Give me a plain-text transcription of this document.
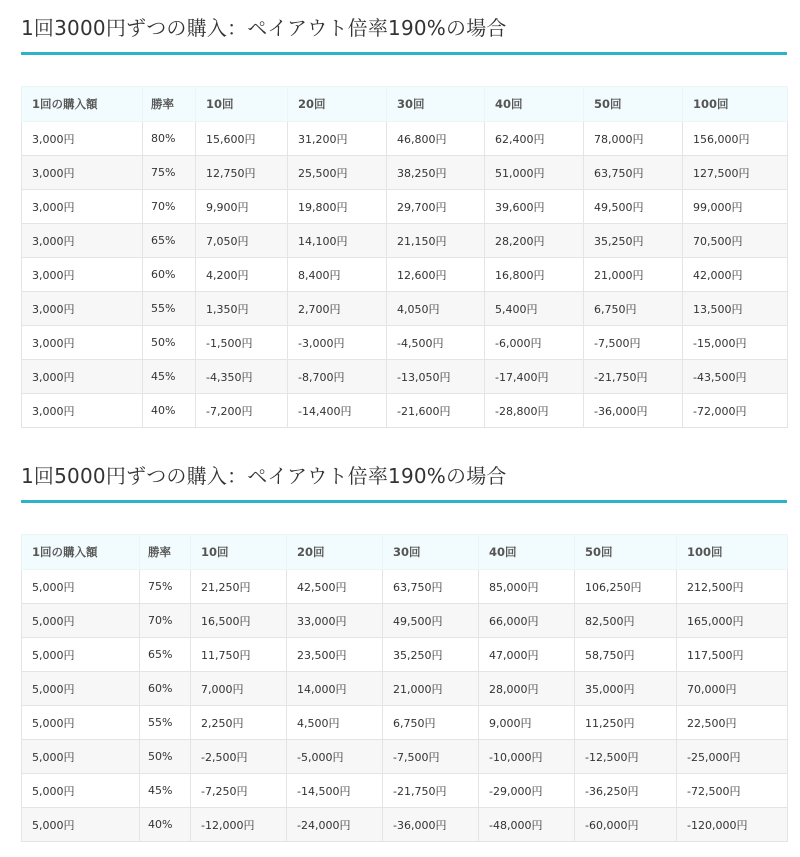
1回3000円ずつの購入：ペイアウト倍率190%の場合
1回の購入額	勝率	10回	20回	30回	40回	50回	100回
3,000円	80%	15,600円	31,200円	46,800円	62,400円	78,000円	156,000円
3,000円	75%	12,750円	25,500円	38,250円	51,000円	63,750円	127,500円
3,000円	70%	9,900円	19,800円	29,700円	39,600円	49,500円	99,000円
3,000円	65%	7,050円	14,100円	21,150円	28,200円	35,250円	70,500円
3,000円	60%	4,200円	8,400円	12,600円	16,800円	21,000円	42,000円
3,000円	55%	1,350円	2,700円	4,050円	5,400円	6,750円	13,500円
3,000円	50%	-1,500円	-3,000円	-4,500円	-6,000円	-7,500円	-15,000円
3,000円	45%	-4,350円	-8,700円	-13,050円	-17,400円	-21,750円	-43,500円
3,000円	40%	-7,200円	-14,400円	-21,600円	-28,800円	-36,000円	-72,000円
1回5000円ずつの購入：ペイアウト倍率190%の場合
1回の購入額	勝率	10回	20回	30回	40回	50回	100回
5,000円	75%	21,250円	42,500円	63,750円	85,000円	106,250円	212,500円
5,000円	70%	16,500円	33,000円	49,500円	66,000円	82,500円	165,000円
5,000円	65%	11,750円	23,500円	35,250円	47,000円	58,750円	117,500円
5,000円	60%	7,000円	14,000円	21,000円	28,000円	35,000円	70,000円
5,000円	55%	2,250円	4,500円	6,750円	9,000円	11,250円	22,500円
5,000円	50%	-2,500円	-5,000円	-7,500円	-10,000円	-12,500円	-25,000円
5,000円	45%	-7,250円	-14,500円	-21,750円	-29,000円	-36,250円	-72,500円
5,000円	40%	-12,000円	-24,000円	-36,000円	-48,000円	-60,000円	-120,000円
